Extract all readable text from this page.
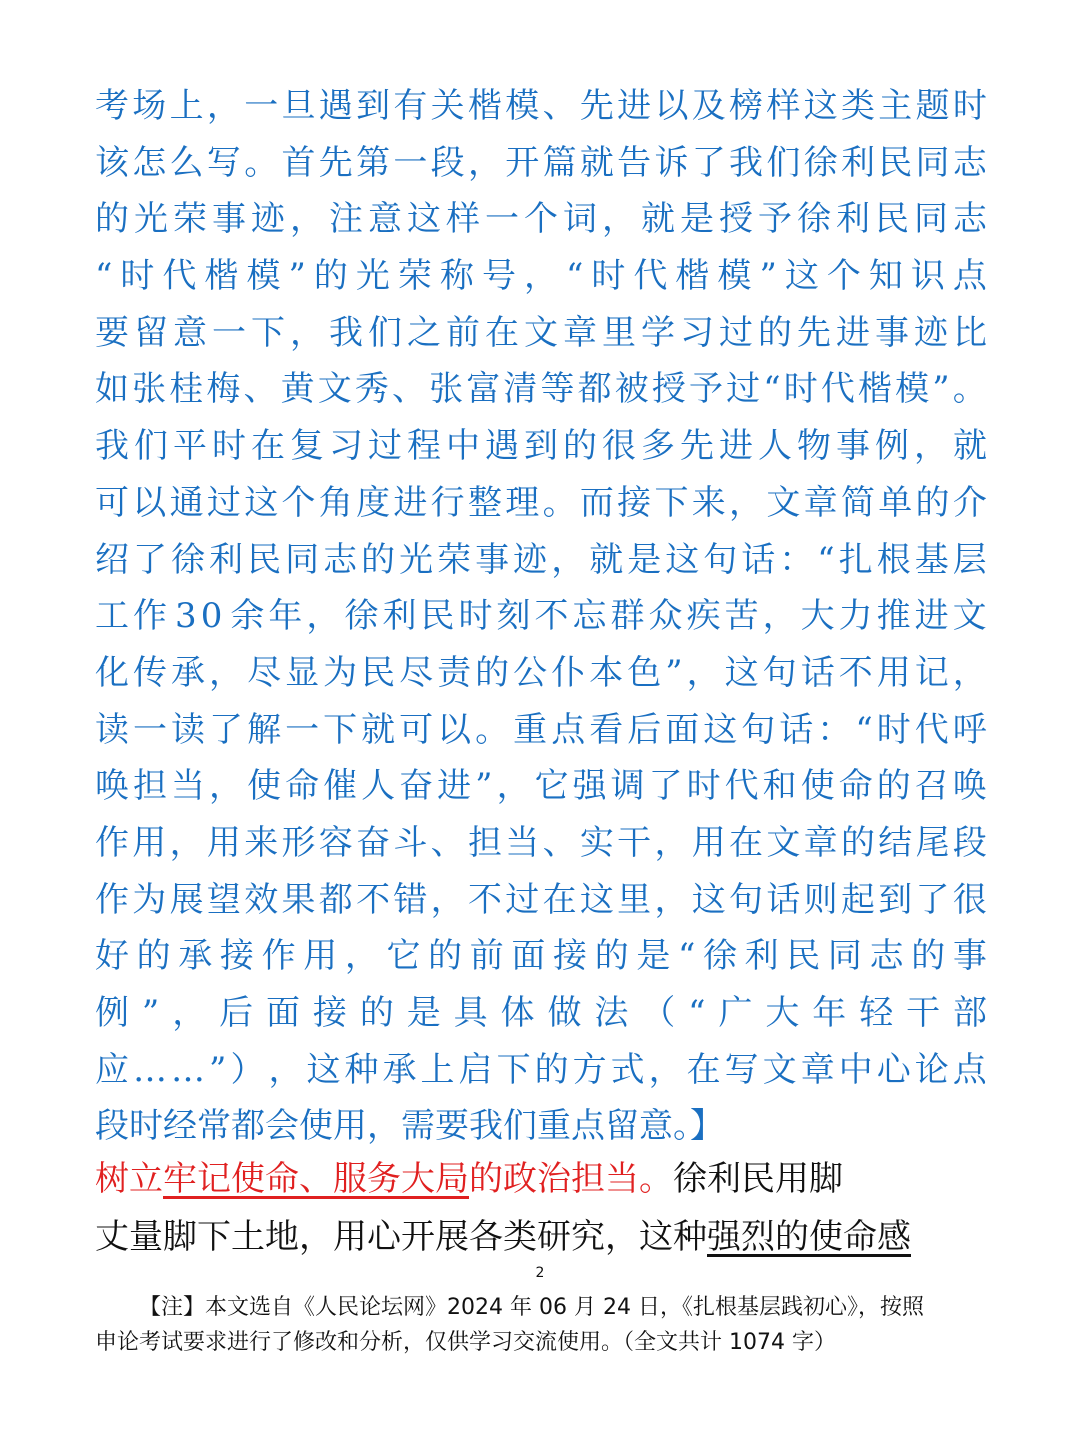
考 场 上 ， 一 旦 遇 到 有 关 楷 模 、 先 进 以 及 榜 样 这 类 主 题 时
该 怎 么 写 。 首 先 第 一 段 ， 开 篇 就 告 诉 了 我 们 徐 利 民 同 志
的 光 荣 事 迹 ， 注 意 这 样 一 个 词 ， 就 是 授 予 徐 利 民 同 志
“ 时 代 楷 模 ” 的 光 荣 称 号 ， “ 时 代 楷 模 ” 这 个 知 识 点
要 留 意 一 下 ， 我 们 之 前 在 文 章 里 学 习 过 的 先 进 事 迹 比
如 张 桂 梅 、 黄 文 秀 、 张 富 清 等 都 被 授 予 过 “ 时 代 楷 模 ” 。
我 们 平 时 在 复 习 过 程 中 遇 到 的 很 多 先 进 人 物 事 例 ， 就
可 以 通 过 这 个 角 度 进 行 整 理 。 而 接 下 来 ， 文 章 简 单 的 介
绍 了 徐 利 民 同 志 的 光 荣 事 迹 ， 就 是 这 句 话 ： “ 扎 根 基 层
工 作 3 0 余 年 ， 徐 利 民 时 刻 不 忘 群 众 疾 苦 ， 大 力 推 进 文
化 传 承 ， 尽 显 为 民 尽 责 的 公 仆 本 色 ” ， 这 句 话 不 用 记 ，
读 一 读 了 解 一 下 就 可 以 。 重 点 看 后 面 这 句 话 ： “ 时 代 呼
唤 担 当 ， 使 命 催 人 奋 进 ” ， 它 强 调 了 时 代 和 使 命 的 召 唤
作 用 ， 用 来 形 容 奋 斗 、 担 当 、 实 干 ， 用 在 文 章 的 结 尾 段
作 为 展 望 效 果 都 不 错 ， 不 过 在 这 里 ， 这 句 话 则 起 到 了 很
好 的 承 接 作 用 ， 它 的 前 面 接 的 是 “ 徐 利 民 同 志 的 事
例 ” ， 后 面 接 的 是 具 体 做 法 （ “ 广 大 年 轻 干 部
应 … … ” ） ， 这 种 承 上 启 下 的 方 式 ， 在 写 文 章 中 心 论 点
段时经常都会使用，需要我们重点留意。】
树立牢记使命、服务大局的政治担当。徐利民用脚
丈量脚下土地，用心开展各类研究，这种强烈的使命感
2
【注】本文选自《人民论坛网》2024 年 06 月 24 日，《扎根基层践初心》，按照
申论考试要求进行了修改和分析，仅供学习交流使用。（全文共计 1074 字）
